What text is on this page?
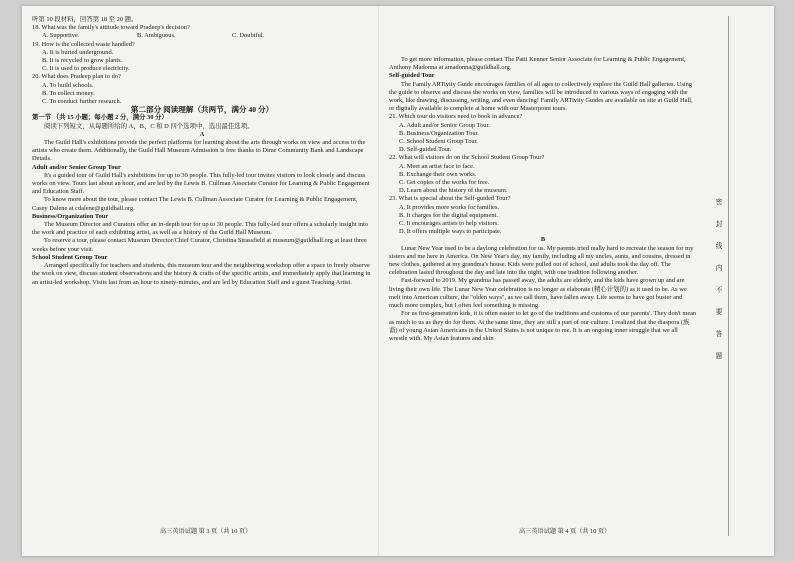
听第 10 段材料，回答第 18 至 20 题。

18. What was the family's attitude toward Pradeep's decision?

A. Supportive.	B. Ambiguous.	C. Doubtful.

19. How is the collected waste handled?

A. It is buried underground.

B. It is recycled to grow plants.

C. It is used to produce electricity.

20. What does Pradeep plan to do?

A. To build schools.

B. To collect money.

C. To conduct further research.

第二部分 阅读理解（共两节，满分 40 分）

第一节 （共 15 小题；每小题 2 分，满分 30 分）

阅读下列短文，从每题所给的 A、B、C 和 D 四个选项中，选出最佳选项。

A

The Guild Hall's exhibitions provide the perfect platforms for learning about the arts through works on view and access to the artists who create them. Additionally, the Guild Hall Museum Admission is free thanks to Dime Community Bank and Landscape Details.

Adult and/or Senior Group Tour

It's a guided tour of Guild Hall's exhibitions for up to 30 people. This fully-led tour invites visitors to look closely and discuss works on view. Tours last about an hour, and are led by the Lewis B. Cullman Associate Curator for Learning & Public Engagement and Education Staff.

To know more about the tour, please contact The Lewis B. Cullman Associate Curator for Learning & Public Engagement, Casey Dalene at cdalene@guildhall.org.

Business/Organization Tour

The Museum Director and Curators offer an in-depth tour for up to 30 people. This fully-led tour offers a scholarly insight into the work and practice of each exhibiting artist, as well as a history of the Guild Hall Museum.

To reserve a tour, please contact Museum Director/Chief Curator, Christina Strassfield at museum@guildhall.org at least three weeks before your visit.

School Student Group Tour

Arranged specifically for teachers and students, this museum tour and the neighboring workshop offer a space to freely observe the work on view, discuss student observations and the history & crafts of the specific artists, and immediately apply that learning in an artist-led workshop. Visits last from an hour to ninety-minutes, and are led by Education Staff and a guest Teaching Artist.

高三英语试题 第 3 页（共 10 页）

To get more information, please contact The Patti Kenner Senior Associate for Learning & Public Engagement, Anthony Madonna at amadonna@guildhall.org.

Self-guided Tour

The Family ARTivity Guide encourages families of all ages to collectively explore the Guild Hall galleries. Using the guide to observe and discuss the works on view, families will be introduced to various ways of engaging with the work, like drawing, discussing, writing, and even dancing! Family ARTivity Guides are available on site at Guild Hall, or digitally available to complete at home with our Masterpoint tours.

21. Which tour do visitors need to book in advance?

A. Adult and/or Senior Group Tour.

B. Business/Organization Tour.

C. School Student Group Tour.

D. Self-guided Tour.

22. What will visitors do on the School Student Group Tour?

A. Meet an artist face to face.

B. Exchange their own works.

C. Get copies of the works for free.

D. Learn about the history of the museum.

23. What is special about the Self-guided Tour?

A. It provides more works for families.

B. It charges for the digital equipment.

C. It encourages artists to help visitors.

D. It offers multiple ways to participate.

B

Lunar New Year used to be a daylong celebration for us. My parents tried really hard to recreate the season for my sisters and me here in America. On New Year's day, my family, including all my uncles, aunts, and cousins, dressed in new clothes, gathered at my grandma's house. Kids were pulled out of school, and adults took the day off. The celebration lasted throughout the day and late into the night, with one tradition following another.

Fast-forward to 2019. My grandma has passed away, the adults are elderly, and the kids have grown up and are living their own life. The Lunar New Year celebration is no longer as elaborate (精心计划的) as it used to be. As we melt into American culture, the "olden ways", as we call them, have fallen away. Life seems to have got busier and much more complex, but I often feel something is missing.

For us first-generation kids, it is often easier to let go of the traditions and customs of our parents'. They don't mean as much to us as they do for them. At the same time, they are still a part of our culture. I realized that the diaspora (族裔) of young Asian Americans in the United States is not unique to me. It is an ongoing inner struggle that we all wrestle with. My Asian features and skin

高三英语试题 第 4 页（共 10 页）
密
封
线
内
不
要
答
题
